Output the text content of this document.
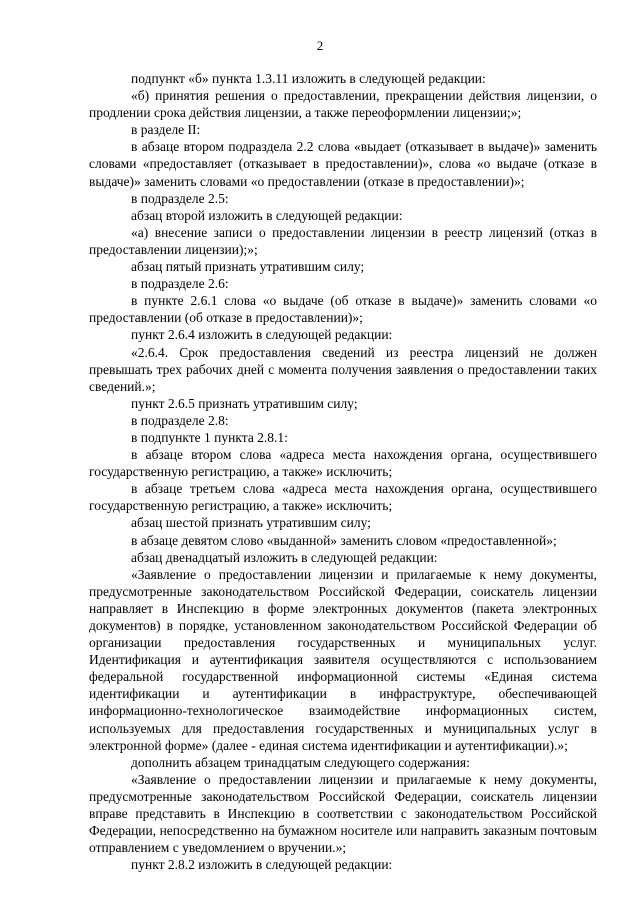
2

подпункт «б» пункта 1.3.11 изложить в следующей редакции:

«б) принятия решения о предоставлении, прекращении действия лицензии, о продлении срока действия лицензии, а также переоформлении лицензии;»;

в разделе II:

в абзаце втором подраздела 2.2 слова «выдает (отказывает в выдаче)» заменить словами «предоставляет (отказывает в предоставлении)», слова «о выдаче (отказе в выдаче)» заменить словами «о предоставлении (отказе в предоставлении)»;

в подразделе 2.5:

абзац второй изложить в следующей редакции:

«а) внесение записи о предоставлении лицензии в реестр лицензий (отказ в предоставлении лицензии);»;

абзац пятый признать утратившим силу;

в подразделе 2.6:

в пункте 2.6.1 слова «о выдаче (об отказе в выдаче)» заменить словами «о предоставлении (об отказе в предоставлении)»;

пункт 2.6.4 изложить в следующей редакции:

«2.6.4. Срок предоставления сведений из реестра лицензий не должен превышать трех рабочих дней с момента получения заявления о предоставлении таких сведений.»;

пункт 2.6.5 признать утратившим силу;

в подразделе 2.8:

в подпункте 1 пункта 2.8.1:

в абзаце втором слова «адреса места нахождения органа, осуществившего государственную регистрацию, а также» исключить;

в абзаце третьем слова «адреса места нахождения органа, осуществившего государственную регистрацию, а также» исключить;

абзац шестой признать утратившим силу;

в абзаце девятом слово «выданной» заменить словом «предоставленной»;

абзац двенадцатый изложить в следующей редакции:

«Заявление о предоставлении лицензии и прилагаемые к нему документы, предусмотренные законодательством Российской Федерации, соискатель лицензии направляет в Инспекцию в форме электронных документов (пакета электронных документов) в порядке, установленном законодательством Российской Федерации об организации предоставления государственных и муниципальных услуг. Идентификация и аутентификация заявителя осуществляются с использованием федеральной государственной информационной системы «Единая система идентификации и аутентификации в инфраструктуре, обеспечивающей информационно-технологическое взаимодействие информационных систем, используемых для предоставления государственных и муниципальных услуг в электронной форме» (далее - единая система идентификации и аутентификации).»;

дополнить абзацем тринадцатым следующего содержания:

«Заявление о предоставлении лицензии и прилагаемые к нему документы, предусмотренные законодательством Российской Федерации, соискатель лицензии вправе представить в Инспекцию в соответствии с законодательством Российской Федерации, непосредственно на бумажном носителе или направить заказным почтовым отправлением с уведомлением о вручении.»;

пункт 2.8.2 изложить в следующей редакции:
